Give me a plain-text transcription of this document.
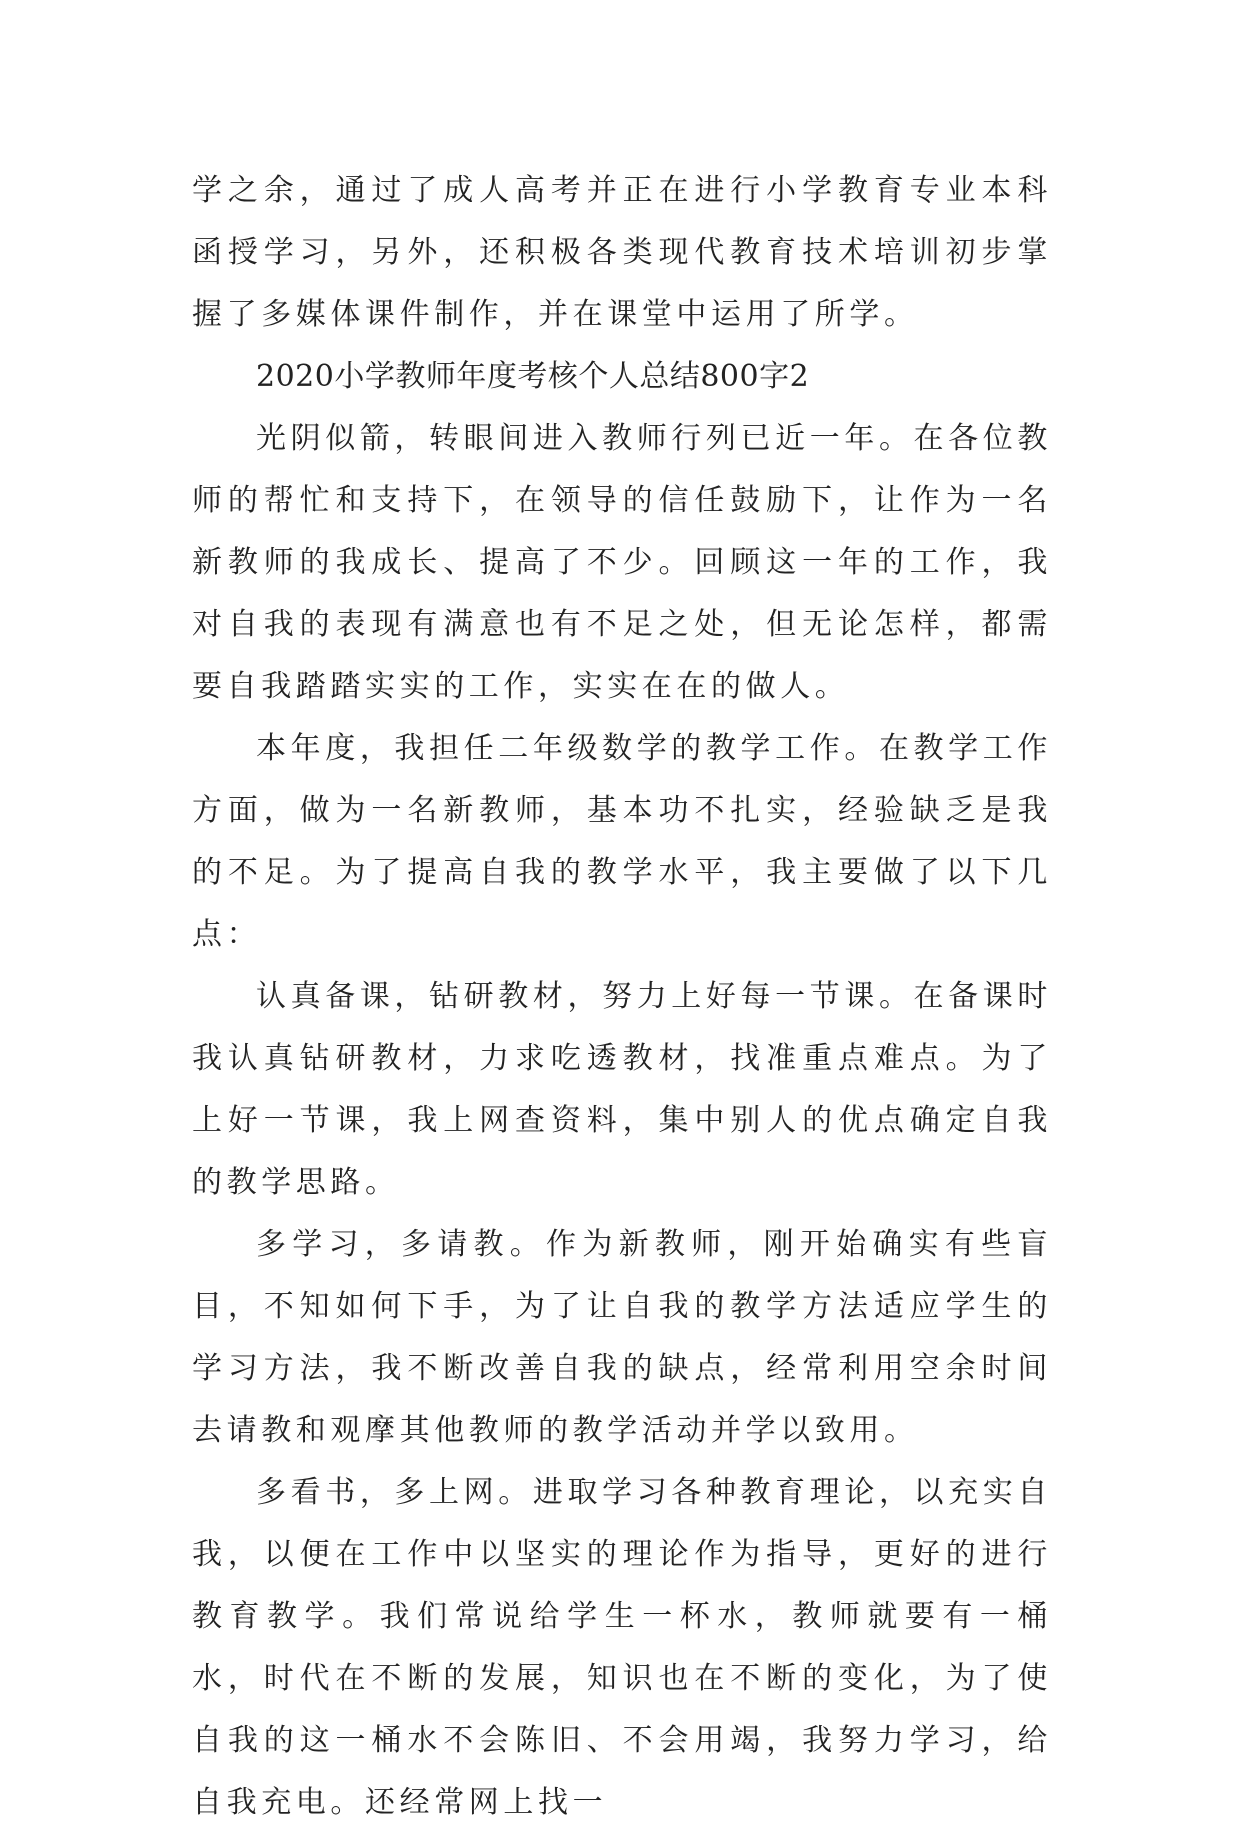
学之余，通过了成人高考并正在进行小学教育专业本科函授学习，另外，还积极各类现代教育技术培训初步掌握了多媒体课件制作，并在课堂中运用了所学。

2020小学教师年度考核个人总结800字2

光阴似箭，转眼间进入教师行列已近一年。在各位教师的帮忙和支持下，在领导的信任鼓励下，让作为一名新教师的我成长、提高了不少。回顾这一年的工作，我对自我的表现有满意也有不足之处，但无论怎样，都需要自我踏踏实实的工作，实实在在的做人。

本年度，我担任二年级数学的教学工作。在教学工作方面，做为一名新教师，基本功不扎实，经验缺乏是我的不足。为了提高自我的教学水平，我主要做了以下几点：

认真备课，钻研教材，努力上好每一节课。在备课时我认真钻研教材，力求吃透教材，找准重点难点。为了上好一节课，我上网查资料，集中别人的优点确定自我的教学思路。

多学习，多请教。作为新教师，刚开始确实有些盲目，不知如何下手，为了让自我的教学方法适应学生的学习方法，我不断改善自我的缺点，经常利用空余时间去请教和观摩其他教师的教学活动并学以致用。

多看书，多上网。进取学习各种教育理论，以充实自我，以便在工作中以坚实的理论作为指导，更好的进行教育教学。我们常说给学生一杯水，教师就要有一桶水，时代在不断的发展，知识也在不断的变化，为了使自我的这一桶水不会陈旧、不会用竭，我努力学习，给自我充电。还经常网上找一
